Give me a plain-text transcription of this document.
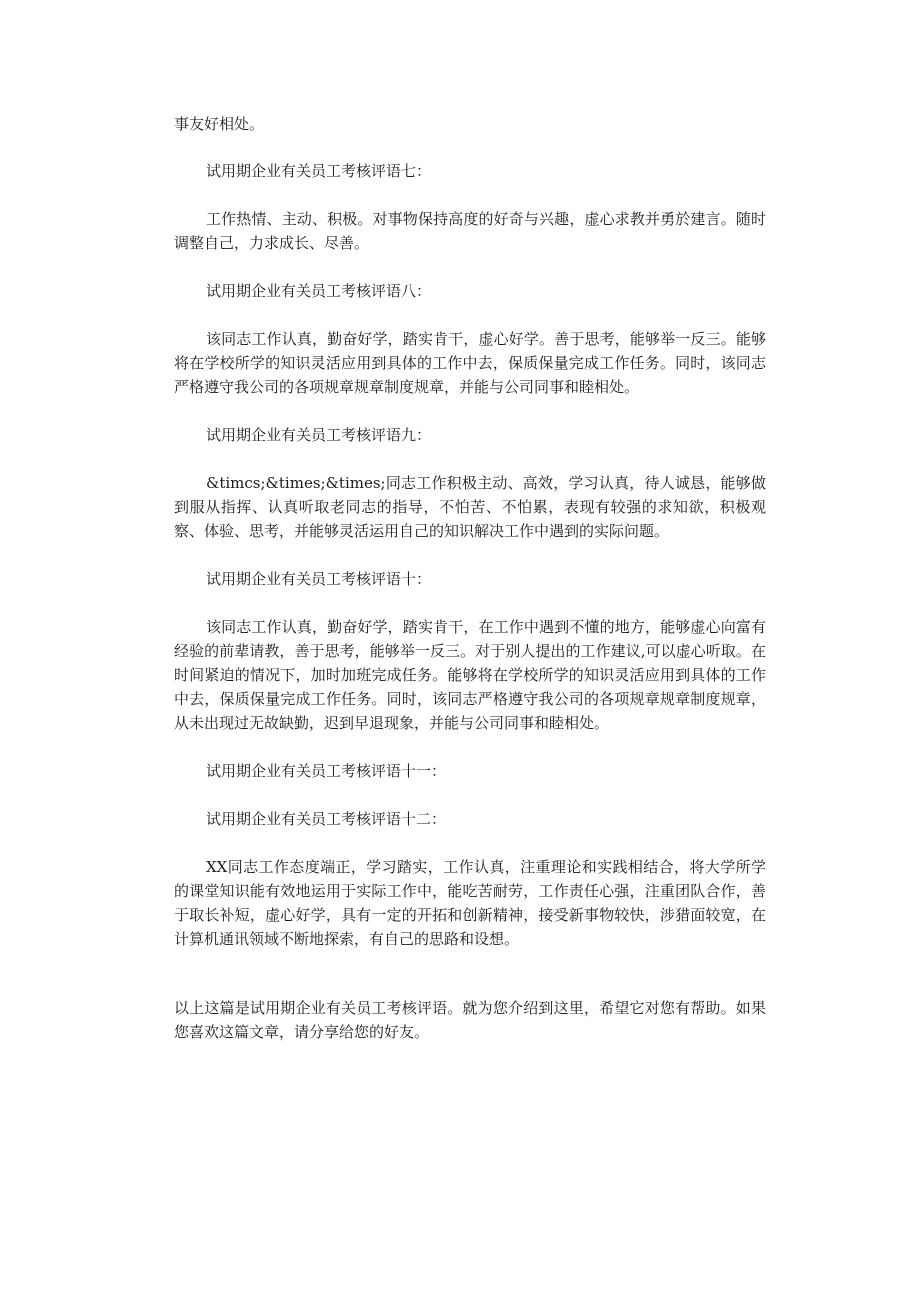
事友好相处。

试用期企业有关员工考核评语七：

工作热情、主动、积极。对事物保持高度的好奇与兴趣，虚心求教并勇於建言。随时调整自己，力求成长、尽善。

试用期企业有关员工考核评语八：

该同志工作认真，勤奋好学，踏实肯干，虚心好学。善于思考，能够举一反三。能够将在学校所学的知识灵活应用到具体的工作中去，保质保量完成工作任务。同时，该同志严格遵守我公司的各项规章规章制度规章，并能与公司同事和睦相处。

试用期企业有关员工考核评语九：

&timcs;&times;&times;同志工作积极主动、高效，学习认真，待人诚恳，能够做到服从指挥、认真听取老同志的指导，不怕苦、不怕累，表现有较强的求知欲，积极观察、体验、思考，并能够灵活运用自己的知识解决工作中遇到的实际问题。

试用期企业有关员工考核评语十：

该同志工作认真，勤奋好学，踏实肯干，在工作中遇到不懂的地方，能够虚心向富有经验的前辈请教，善于思考，能够举一反三。对于别人提出的工作建议,可以虚心听取。在时间紧迫的情况下，加时加班完成任务。能够将在学校所学的知识灵活应用到具体的工作中去，保质保量完成工作任务。同时，该同志严格遵守我公司的各项规章规章制度规章，从未出现过无故缺勤，迟到早退现象，并能与公司同事和睦相处。

试用期企业有关员工考核评语十一：

试用期企业有关员工考核评语十二：

XX同志工作态度端正，学习踏实，工作认真，注重理论和实践相结合，将大学所学的课堂知识能有效地运用于实际工作中，能吃苦耐劳，工作责任心强，注重团队合作，善于取长补短，虚心好学，具有一定的开拓和创新精神，接受新事物较快，涉猎面较宽，在计算机通讯领域不断地探索，有自己的思路和设想。

以上这篇是试用期企业有关员工考核评语。就为您介绍到这里，希望它对您有帮助。如果您喜欢这篇文章，请分享给您的好友。
